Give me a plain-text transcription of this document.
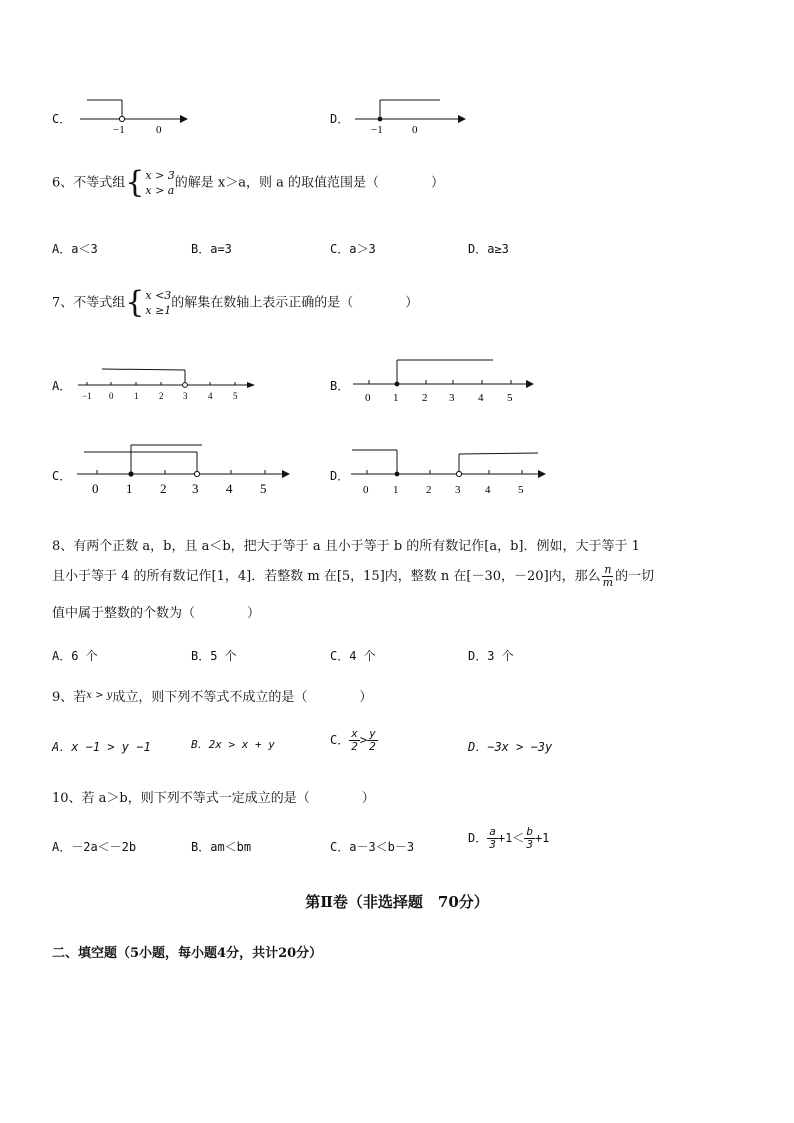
C．
−1	0
D．
−1	0
6、不等式组{ x > 3
x > a 的解是 x＞a，则 a 的取值范围是（　　　　）
A．a＜3	B．a=3	C．a＞3	D．a≥3
7、不等式组{ x <3
x ≥1 的解集在数轴上表示正确的是（　　　　）
A．
−1 0 1 2 3 4 5
B．
0 1 2 3 4 5
C．
0 1 2 3 4 5
D．
0 1	2 3 4	5
8、有两个正数 a，b，且 a＜b，把大于等于 a 且小于等于 b 的所有数记作[a，b]．例如，大于等于 1
且小于等于 4 的所有数记作[1，4]．若整数 m 在[5，15]内，整数 n 在[－30，－20]内，那么 $\frac{n}{m}$ 的一切
值中属于整数的个数为（　　　　）
A．6 个	B．5 个	C．4 个	D．3 个
9、若$^{x > y}$成立，则下列不等式不成立的是（　　　　）
A．x −1 > y −1	B．2x > x + y	C． $\frac{x}{2} > \frac{y}{2}$	D．−3x > −3y
10、若 a＞b，则下列不等式一定成立的是（　　　　）
A．－2a＜－2b	B．am＜bm	C．a－3＜b－3
D． $\frac{a}{3} +1< \frac{b}{3} +1$
第Ⅱ卷（非选择题　70分）
二、填空题（5小题，每小题4分，共计20分）
